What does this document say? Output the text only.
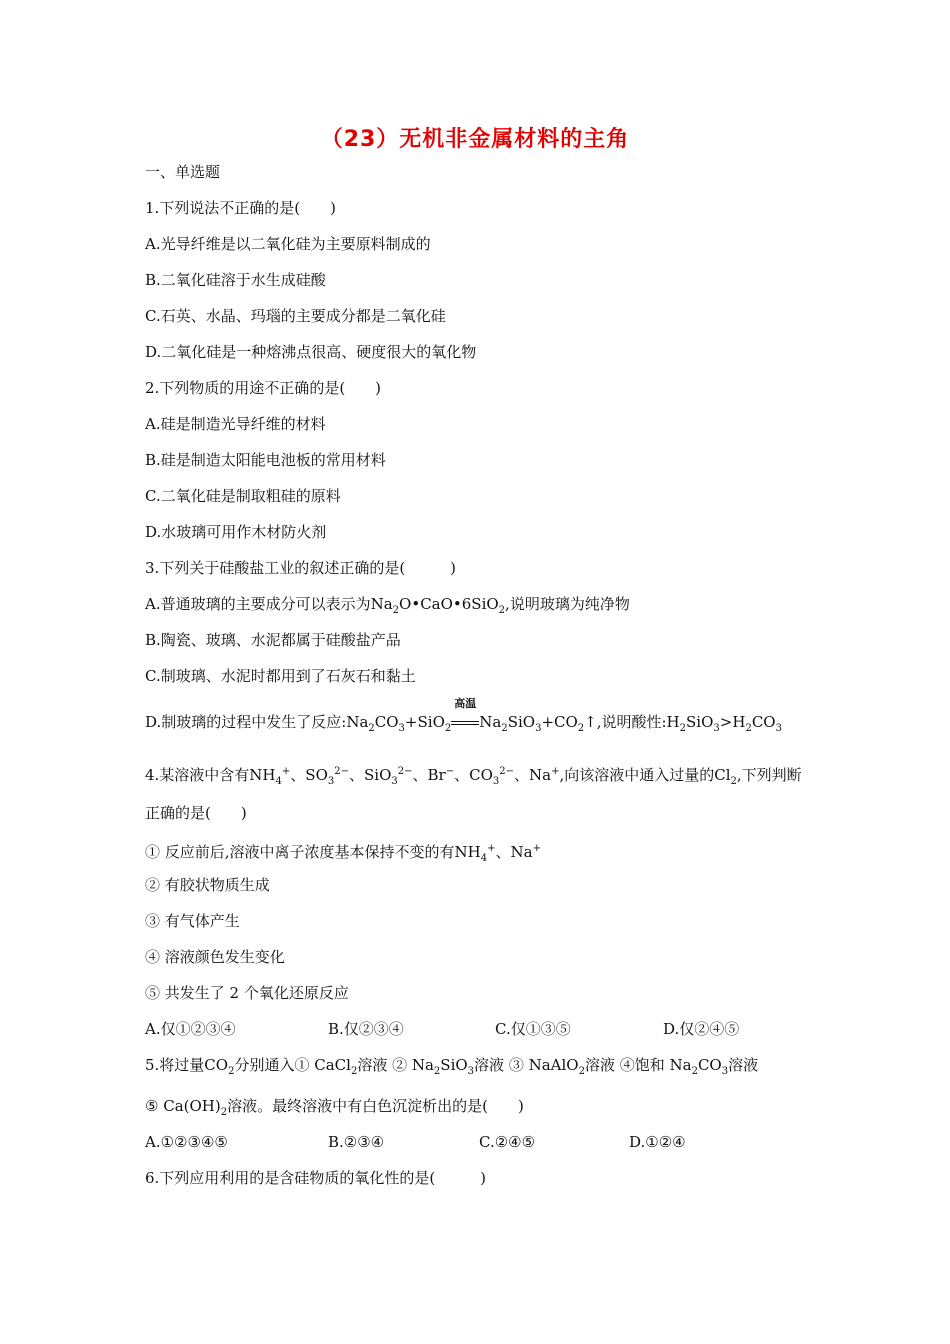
（23）无机非金属材料的主角
一、单选题
1.下列说法不正确的是(　　)
A.光导纤维是以二氧化硅为主要原料制成的
B.二氧化硅溶于水生成硅酸
C.石英、水晶、玛瑙的主要成分都是二氧化硅
D.二氧化硅是一种熔沸点很高、硬度很大的氧化物
2.下列物质的用途不正确的是(　　)
A.硅是制造光导纤维的材料
B.硅是制造太阳能电池板的常用材料
C.二氧化硅是制取粗硅的原料
D.水玻璃可用作木材防火剂
3.下列关于硅酸盐工业的叙述正确的是(　　　)
A.普通玻璃的主要成分可以表示为$Na_2O•CaO•6SiO_2$,说明玻璃为纯净物
B.陶瓷、玻璃、水泥都属于硅酸盐产品
C.制玻璃、水泥时都用到了石灰石和黏土
D.制玻璃的过程中发生了反应$:Na_2CO_3+SiO_2$
高温
$Na_2SiO_3+CO_2↑$,说明酸性$:H_2SiO_3>H_2CO_3$
4.某溶液中含有$NH_4^+$、$SO_3^{2-}$、SiO$_3^{2-}$、Br−、$CO_3^{2-}$、Na+,向该溶液中通入过量的$Cl_2$,下列判断
正确的是(　　)
① 反应前后,溶液中离子浓度基本保持不变的有$NH_4^+$、Na+
② 有胶状物质生成
③ 有气体产生
④ 溶液颜色发生变化
⑤ 共发生了 2 个氧化还原反应
A.仅①②③④	B.仅②③④	C.仅①③⑤	D.仅②④⑤
5.将过量$CO_2$分别通入① CaCl$_2$溶液 ② $Na_2SiO_3$溶液 ③ NaAlO$_2$溶液 ④饱和 $Na_2CO_3$溶液
⑤ $Ca(OH)_2$溶液。最终溶液中有白色沉淀析出的是(　　)
A.①②③④⑤	B.②③④	C.②④⑤	D.①②④
6.下列应用利用的是含硅物质的氧化性的是(　　　)
